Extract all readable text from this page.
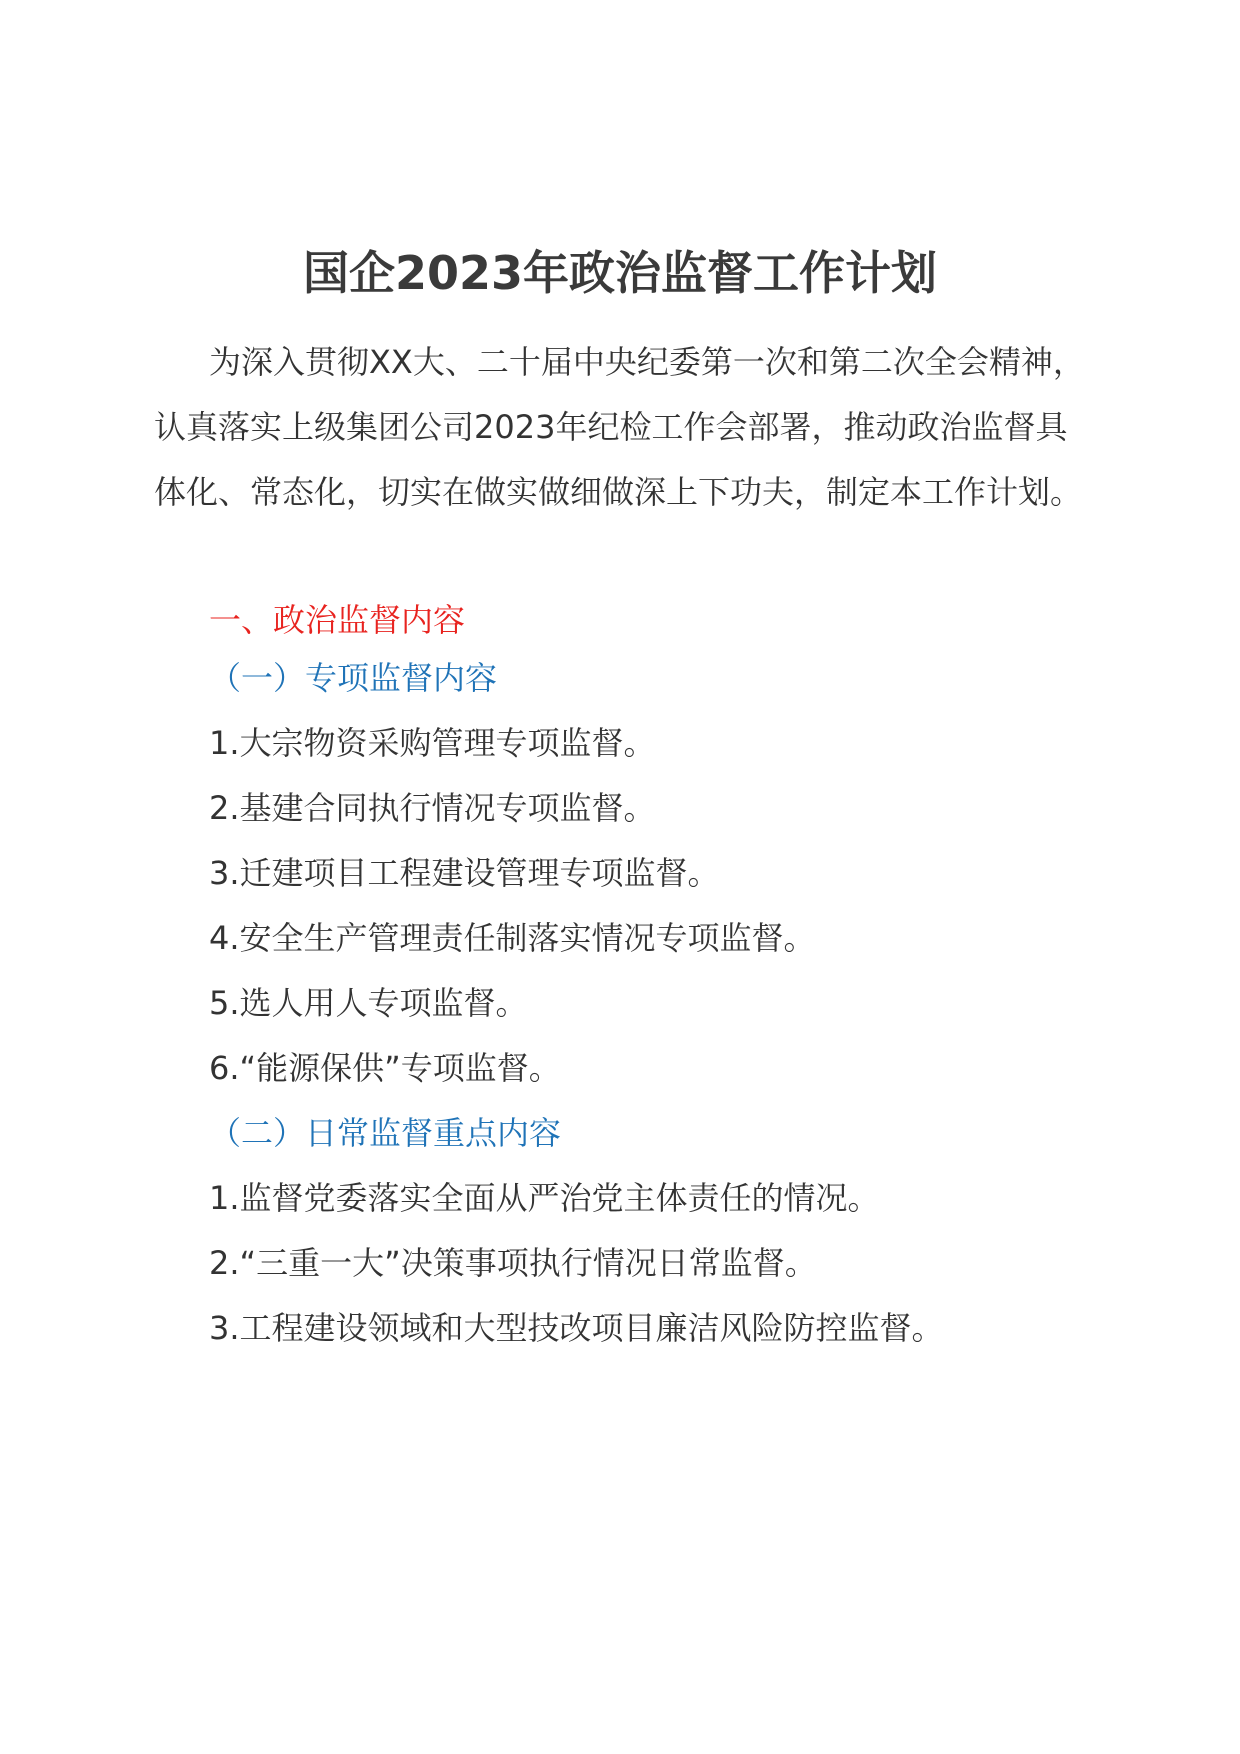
国企2023年政治监督工作计划

为深入贯彻XX大、二十届中央纪委第一次和第二次全会精神，认真落实上级集团公司2023年纪检工作会部署，推动政治监督具体化、常态化，切实在做实做细做深上下功夫，制定本工作计划。

一、政治监督内容

（一）专项监督内容

1.大宗物资采购管理专项监督。

2.基建合同执行情况专项监督。

3.迁建项目工程建设管理专项监督。

4.安全生产管理责任制落实情况专项监督。

5.选人用人专项监督。

6.“能源保供”专项监督。

（二）日常监督重点内容

1.监督党委落实全面从严治党主体责任的情况。

2.“三重一大”决策事项执行情况日常监督。

3.工程建设领域和大型技改项目廉洁风险防控监督。
